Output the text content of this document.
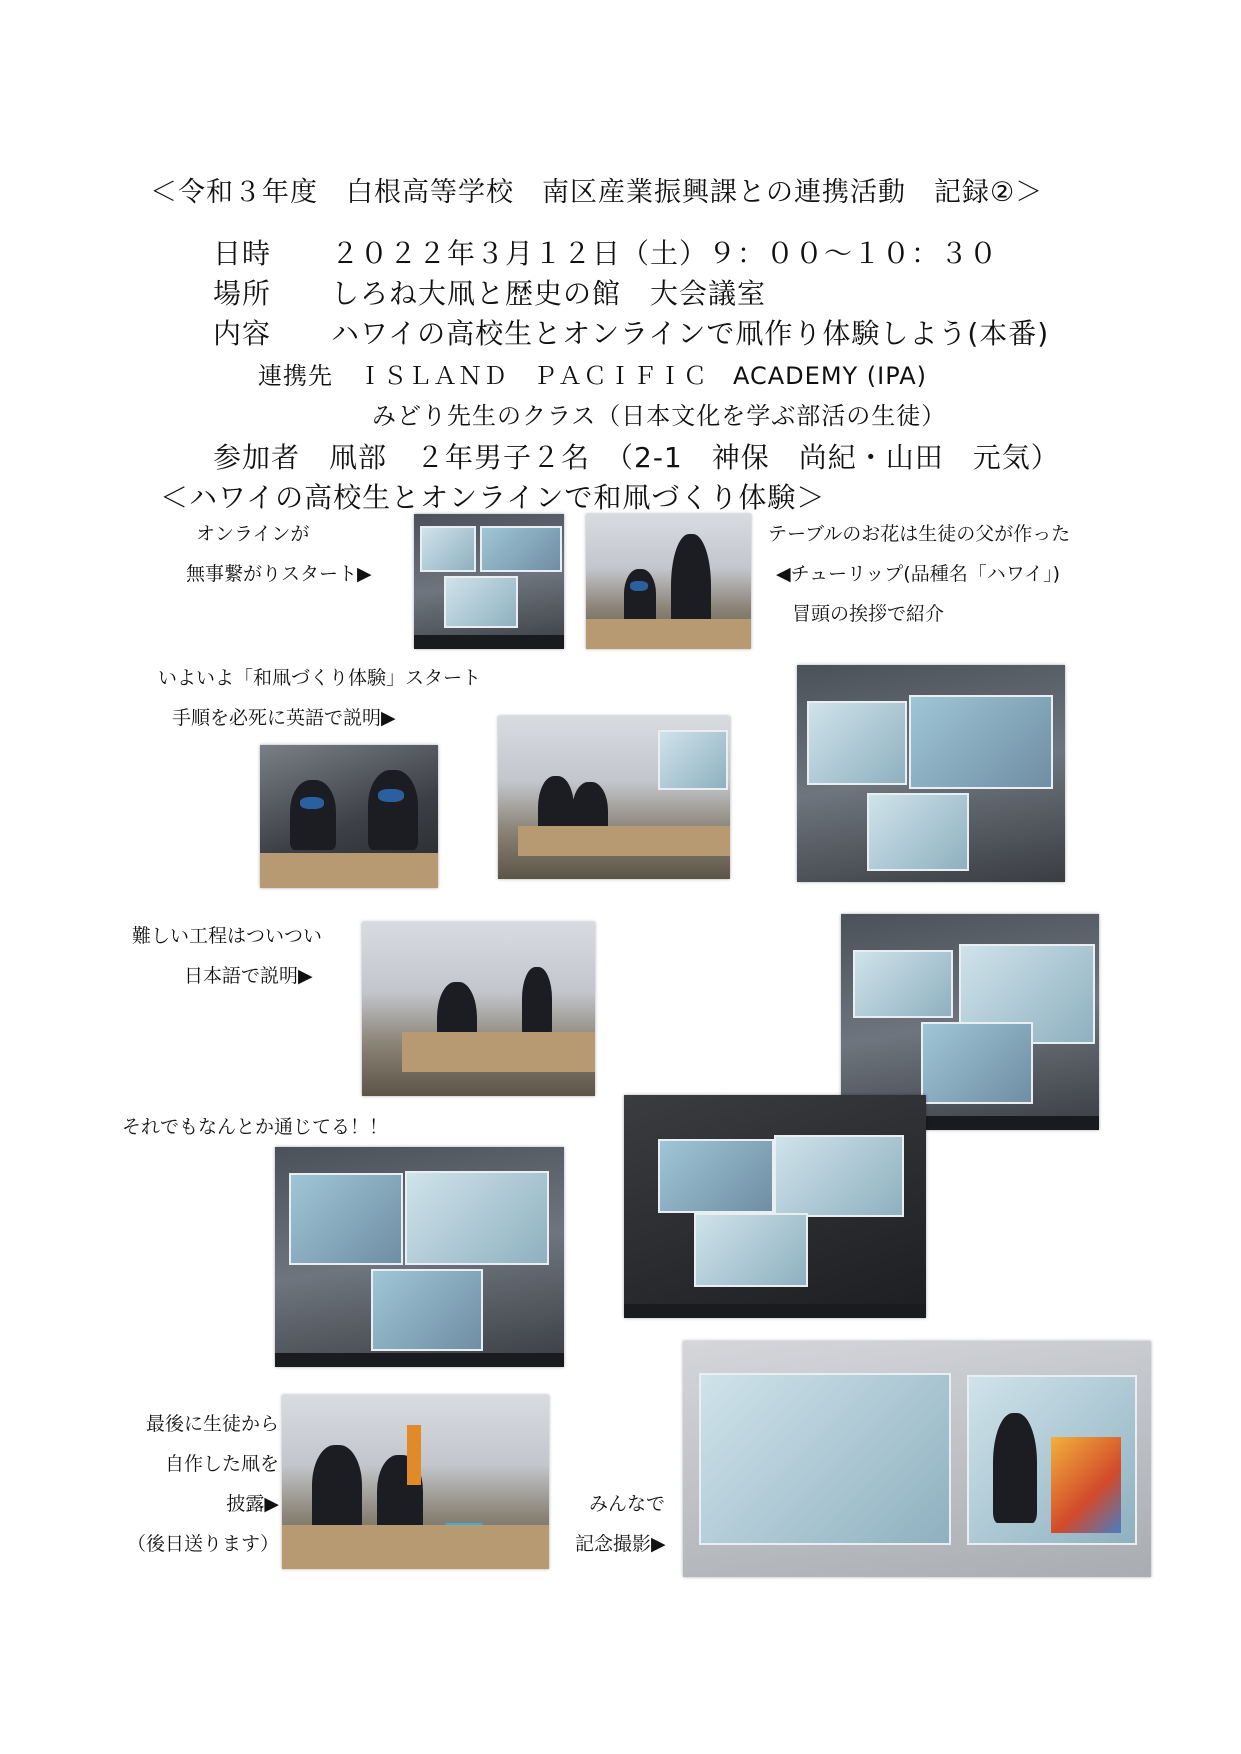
＜令和３年度　白根高等学校　南区産業振興課との連携活動　記録②＞
日時 ２０２２年３月１２日（土）９：００～１０：３０
場所 しろね大凧と歴史の館　大会議室
内容 ハワイの高校生とオンラインで凧作り体験しよう(本番)
連携先　ＩＳＬＡＮＤ　ＰＡＣＩＦＩＣ　ACADEMY (IPA)
みどり先生のクラス（日本文化を学ぶ部活の生徒）
参加者　凧部　２年男子２名　（2-1　神保　尚紀・山田　元気）
＜ハワイの高校生とオンラインで和凧づくり体験＞
オンラインが
無事繋がりスタート▶
テーブルのお花は生徒の父が作った
◀チューリップ(品種名「ハワイ」)
冒頭の挨拶で紹介
いよいよ「和凧づくり体験」スタート
手順を必死に英語で説明▶
難しい工程はついつい
日本語で説明▶
それでもなんとか通じてる！！
最後に生徒から
自作した凧を
披露▶
（後日送ります）
みんなで
記念撮影▶
